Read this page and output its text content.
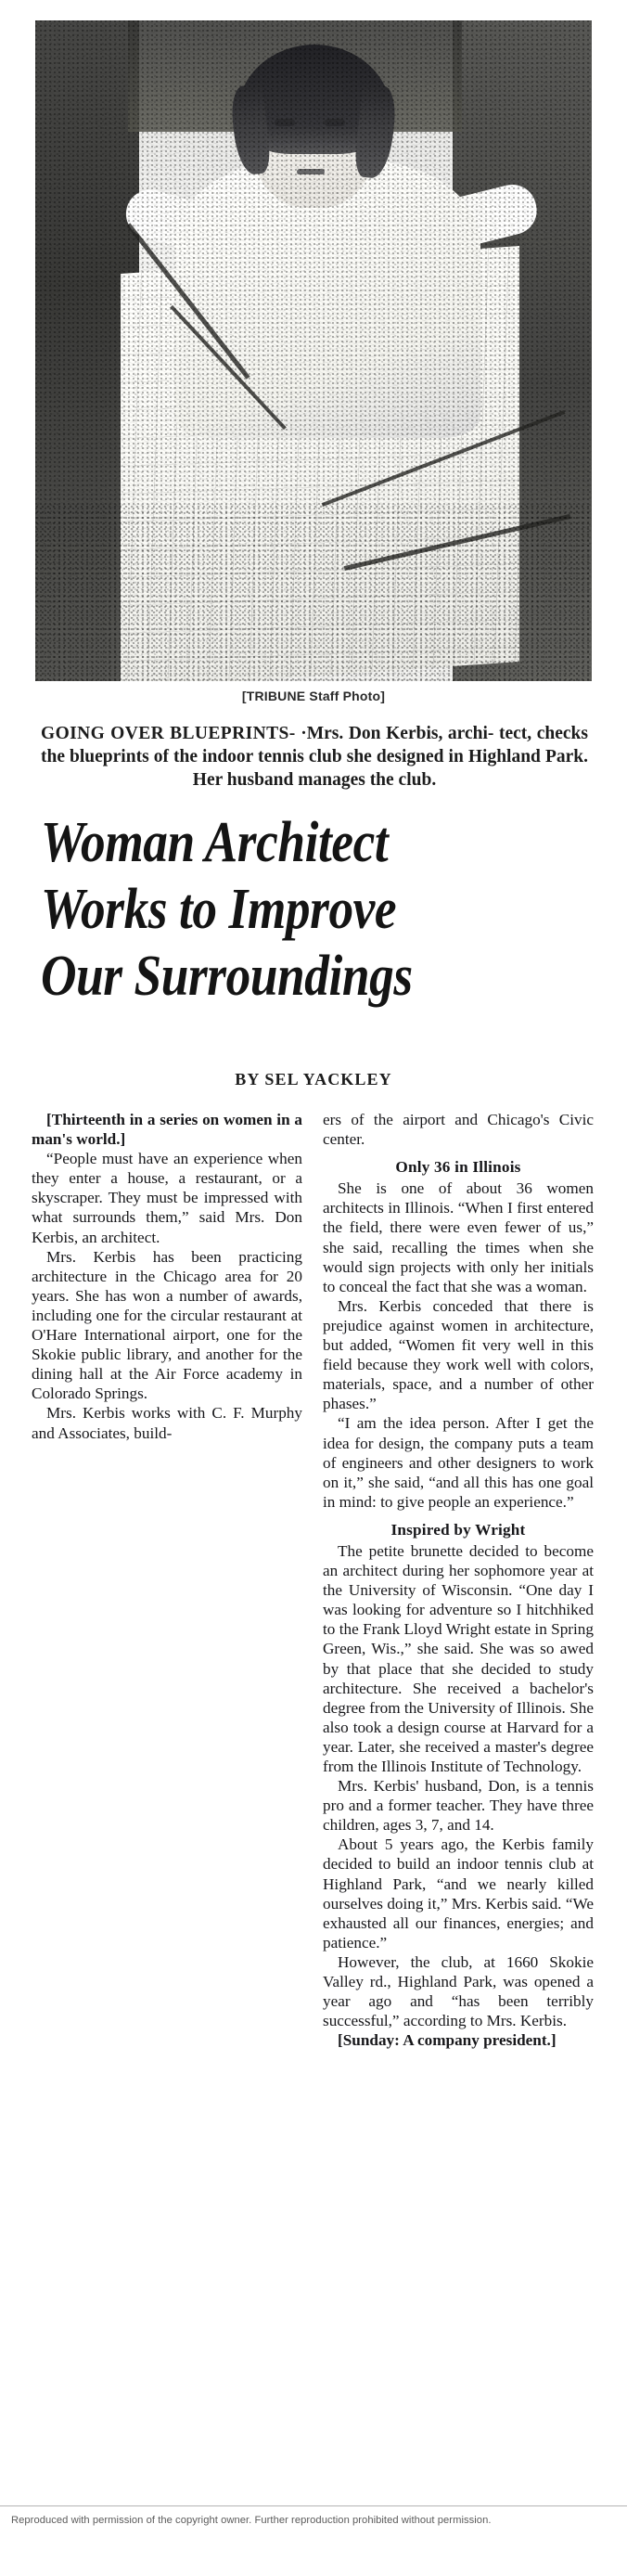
[TRIBUNE Staff Photo]
GOING OVER BLUEPRINTS- ·Mrs. Don Kerbis, archi- tect, checks the blueprints of the indoor tennis club she designed in Highland Park. Her husband manages the club.
Woman Architect
Works to Improve
Our Surroundings
BY SEL YACKLEY

[Thirteenth in a series on women in a man's world.]

“People must have an experience when they enter a house, a restaurant, or a skyscraper. They must be impressed with what surrounds them,” said Mrs. Don Kerbis, an architect.

Mrs. Kerbis has been practicing architecture in the Chicago area for 20 years. She has won a number of awards, including one for the circular restaurant at O'Hare International airport, one for the Skokie public library, and another for the dining hall at the Air Force academy in Colorado Springs.

Mrs. Kerbis works with C. F. Murphy and Associates, build-

ers of the airport and Chicago's Civic center.

Only 36 in Illinois

She is one of about 36 women architects in Illinois. “When I first entered the field, there were even fewer of us,” she said, recalling the times when she would sign projects with only her initials to conceal the fact that she was a woman.

Mrs. Kerbis conceded that there is prejudice against women in architecture, but added, “Women fit very well in this field because they work well with colors, materials, space, and a number of other phases.”

“I am the idea person. After I get the idea for design, the company puts a team of engineers and other designers to work on it,” she said, “and all this has one goal in mind: to give people an experience.”

Inspired by Wright

The petite brunette decided to become an architect during her sophomore year at the University of Wisconsin. “One day I was looking for adventure so I hitchhiked to the Frank Lloyd Wright estate in Spring Green, Wis.,” she said. She was so awed by that place that she decided to study architecture. She received a bachelor's degree from the University of Illinois. She also took a design course at Harvard for a year. Later, she received a master's degree from the Illinois Institute of Technology.

Mrs. Kerbis' husband, Don, is a tennis pro and a former teacher. They have three children, ages 3, 7, and 14.

About 5 years ago, the Kerbis family decided to build an indoor tennis club at Highland Park, “and we nearly killed ourselves doing it,” Mrs. Kerbis said. “We exhausted all our finances, energies; and patience.”

However, the club, at 1660 Skokie Valley rd., Highland Park, was opened a year ago and “has been terribly successful,” according to Mrs. Kerbis.

[Sunday: A company president.]

Reproduced with permission of the copyright owner. Further reproduction prohibited without permission.
